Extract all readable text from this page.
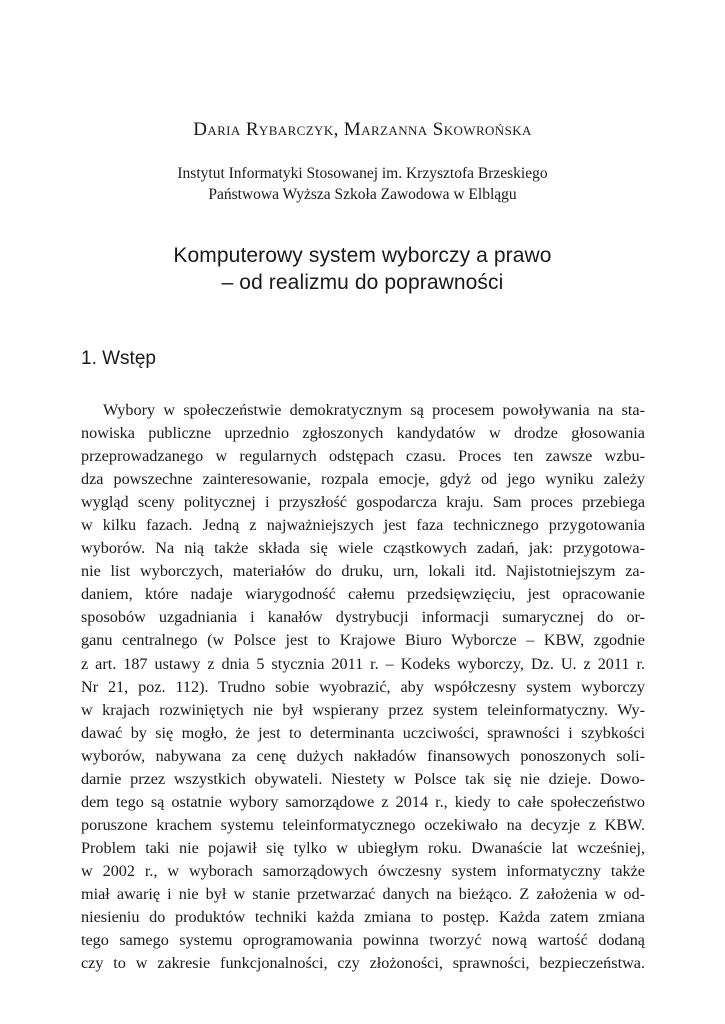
Daria Rybarczyk, Marzanna Skowrońska
Instytut Informatyki Stosowanej im. Krzysztofa Brzeskiego
Państwowa Wyższa Szkoła Zawodowa w Elblągu
Komputerowy system wyborczy a prawo
– od realizmu do poprawności
1. Wstęp
Wybory w społeczeństwie demokratycznym są procesem powoływania na sta-
nowiska publiczne uprzednio zgłoszonych kandydatów w drodze głosowania
przeprowadzanego w regularnych odstępach czasu. Proces ten zawsze wzbu-
dza powszechne zainteresowanie, rozpala emocje, gdyż od jego wyniku zależy
wygląd sceny politycznej i przyszłość gospodarcza kraju. Sam proces przebiega
w kilku fazach. Jedną z najważniejszych jest faza technicznego przygotowania
wyborów. Na nią także składa się wiele cząstkowych zadań, jak: przygotowa-
nie list wyborczych, materiałów do druku, urn, lokali itd. Najistotniejszym za-
daniem, które nadaje wiarygodność całemu przedsięwzięciu, jest opracowanie
sposobów uzgadniania i kanałów dystrybucji informacji sumarycznej do or-
ganu centralnego (w Polsce jest to Krajowe Biuro Wyborcze – KBW, zgodnie
z art. 187 ustawy z dnia 5 stycznia 2011 r. – Kodeks wyborczy, Dz. U. z 2011 r.
Nr 21, poz. 112). Trudno sobie wyobrazić, aby współczesny system wyborczy
w krajach rozwiniętych nie był wspierany przez system teleinformatyczny. Wy-
dawać by się mogło, że jest to determinanta uczciwości, sprawności i szybkości
wyborów, nabywana za cenę dużych nakładów finansowych ponoszonych soli-
darnie przez wszystkich obywateli. Niestety w Polsce tak się nie dzieje. Dowo-
dem tego są ostatnie wybory samorządowe z 2014 r., kiedy to całe społeczeństwo
poruszone krachem systemu teleinformatycznego oczekiwało na decyzje z KBW.
Problem taki nie pojawił się tylko w ubiegłym roku. Dwanaście lat wcześniej,
w 2002 r., w wyborach samorządowych ówczesny system informatyczny także
miał awarię i nie był w stanie przetwarzać danych na bieżąco. Z założenia w od-
niesieniu do produktów techniki każda zmiana to postęp. Każda zatem zmiana
tego samego systemu oprogramowania powinna tworzyć nową wartość dodaną
czy to w zakresie funkcjonalności, czy złożoności, sprawności, bezpieczeństwa.
